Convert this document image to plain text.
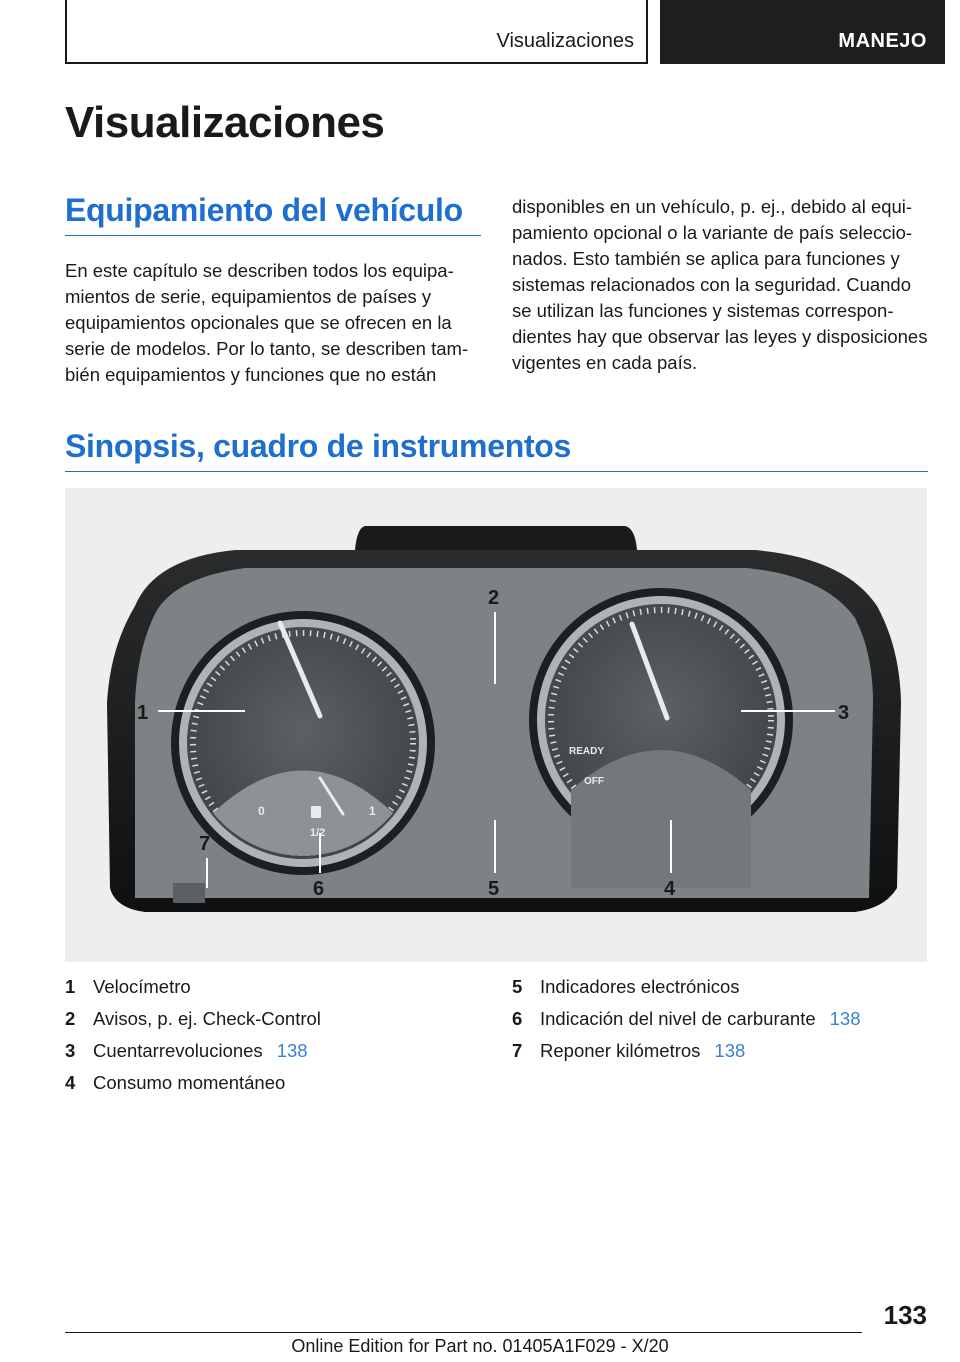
Visualizaciones	MANEJO
Visualizaciones
Equipamiento del vehículo

En este capítulo se describen todos los equipamientos de serie, equipamientos de países y equipamientos opcionales que se ofrecen en la serie de modelos. Por lo tanto, se describen también equipamientos y funciones que no están

disponibles en un vehículo, p. ej., debido al equipamiento opcional o la variante de país seleccionados. Esto también se aplica para funciones y sistemas relacionados con la seguridad. Cuando se utilizan las funciones y sistemas correspondientes hay que observar las leyes y disposiciones vigentes en cada país.

Sinopsis, cuadro de instrumentos
0	1
1/2
READY
OFF
1
2
3
4
5
6
7
1 Velocímetro
2 Avisos, p. ej. Check-Control
3 Cuentarrevoluciones 138
4 Consumo momentáneo
5 Indicadores electrónicos
6 Indicación del nivel de carburante 138
7 Reponer kilómetros 138
133
Online Edition for Part no. 01405A1F029 - X/20
